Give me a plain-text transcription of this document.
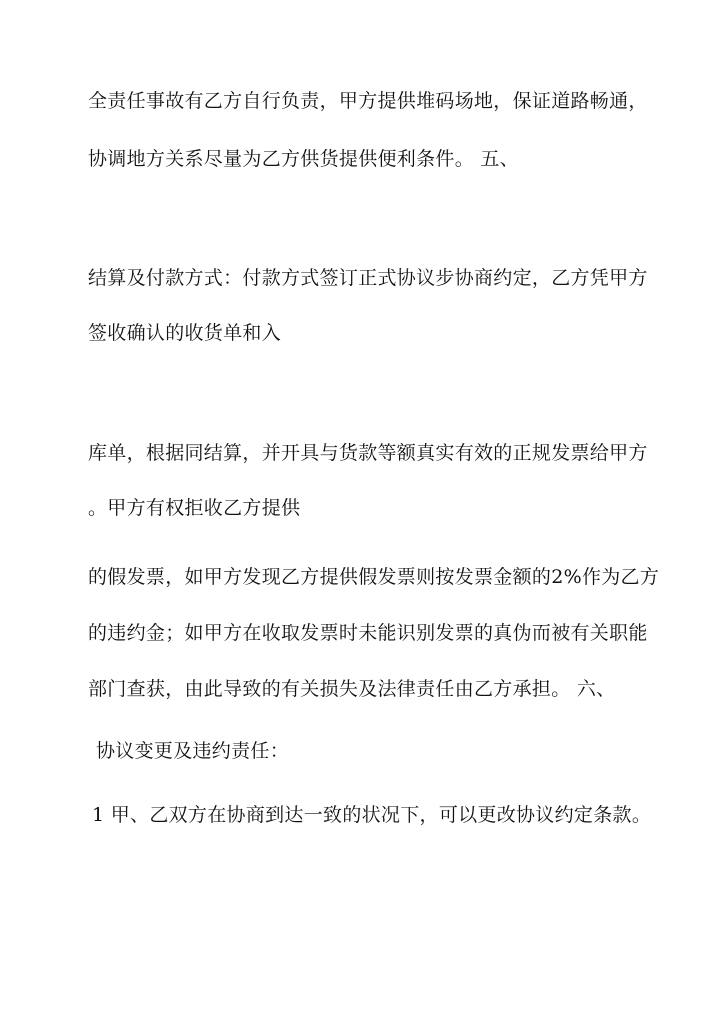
全责任事故有乙方自行负责，甲方提供堆码场地，保证道路畅通，
协调地方关系尽量为乙方供货提供便利条件。 五、
结算及付款方式：付款方式签订正式协议步协商约定，乙方凭甲方
签收确认的收货单和入
库单，根据同结算，并开具与货款等额真实有效的正规发票给甲方
。甲方有权拒收乙方提供
的假发票，如甲方发现乙方提供假发票则按发票金额的2%作为乙方
的违约金；如甲方在收取发票时未能识别发票的真伪而被有关职能
部门查获，由此导致的有关损失及法律责任由乙方承担。 六、
协议变更及违约责任：
1 甲、乙双方在协商到达一致的状况下，可以更改协议约定条款。
